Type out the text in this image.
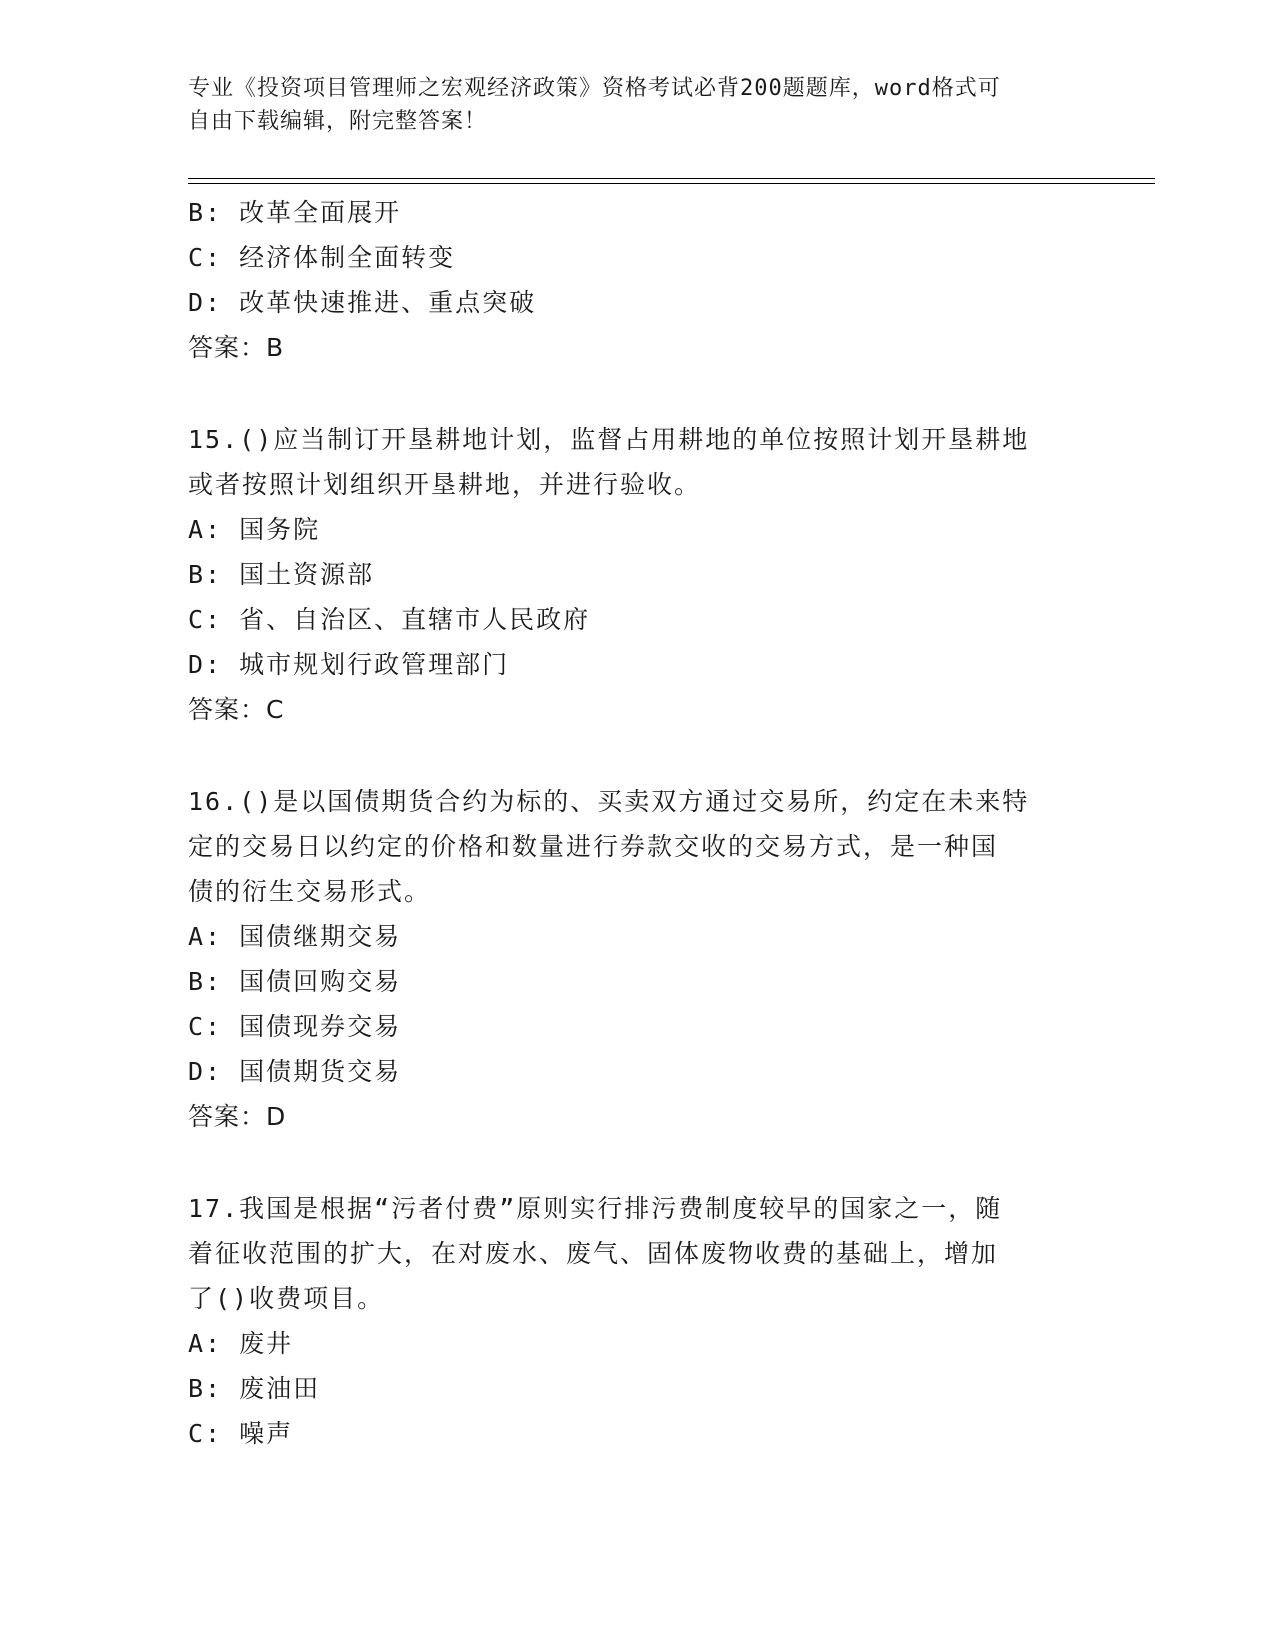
专业《投资项目管理师之宏观经济政策》资格考试必背200题题库，word格式可
自由下载编辑，附完整答案！
B: 改革全面展开
C: 经济体制全面转变
D: 改革快速推进、重点突破
答案：B
15.()应当制订开垦耕地计划，监督占用耕地的单位按照计划开垦耕地
或者按照计划组织开垦耕地，并进行验收。
A: 国务院
B: 国土资源部
C: 省、自治区、直辖市人民政府
D: 城市规划行政管理部门
答案：C
16.()是以国债期货合约为标的、买卖双方通过交易所，约定在未来特
定的交易日以约定的价格和数量进行券款交收的交易方式，是一种国
债的衍生交易形式。
A: 国债继期交易
B: 国债回购交易
C: 国债现券交易
D: 国债期货交易
答案：D
17.我国是根据“污者付费”原则实行排污费制度较早的国家之一，随
着征收范围的扩大，在对废水、废气、固体废物收费的基础上，增加
了()收费项目。
A: 废井
B: 废油田
C: 噪声
